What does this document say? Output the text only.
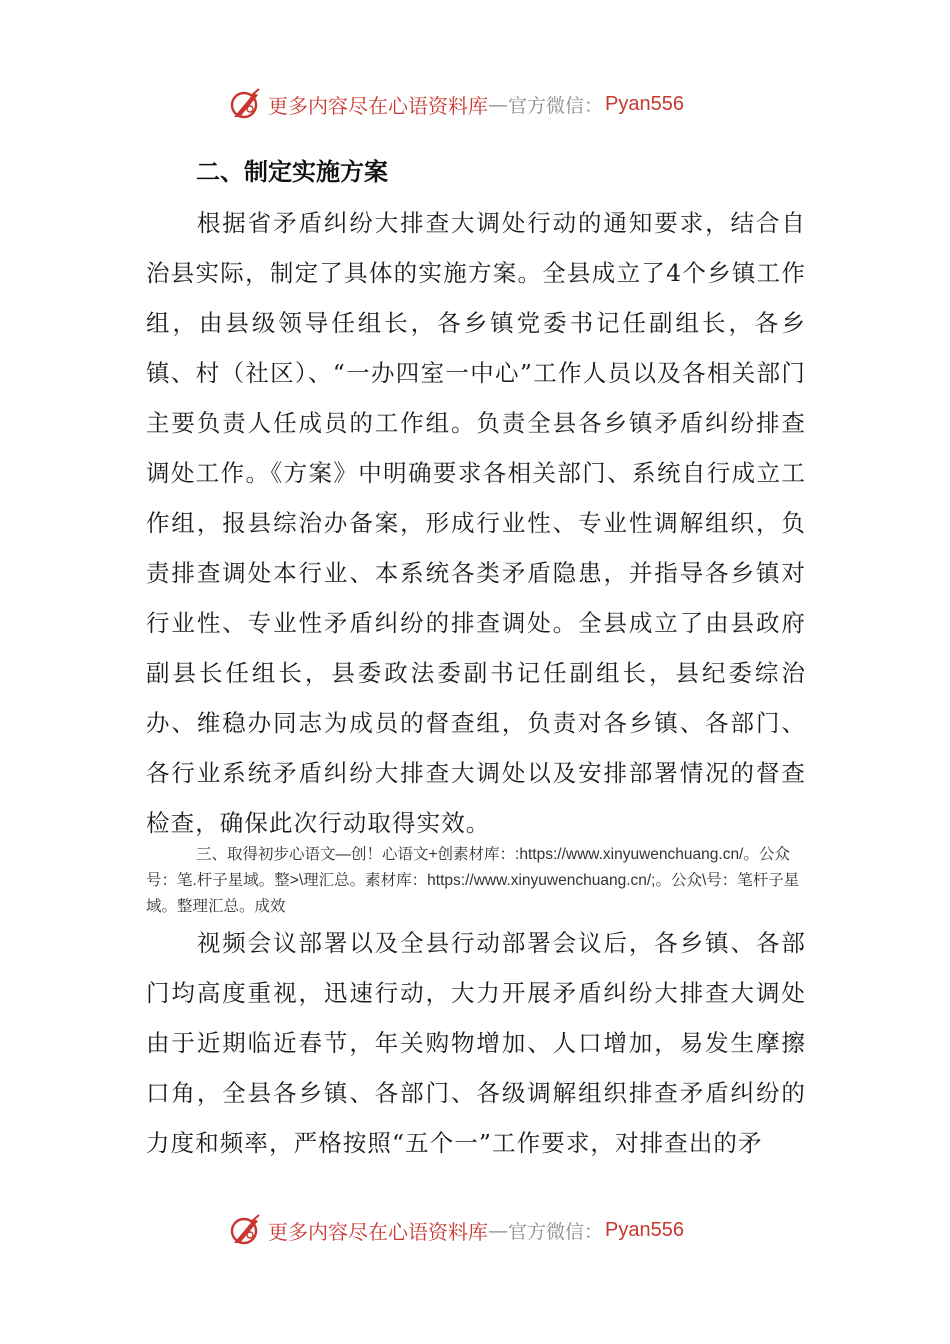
更多内容尽在心语资料库 — 官方微信： Pyan556
二、制定实施方案

根据省矛盾纠纷大排查大调处行动的通知要求，结合自治县实际，制定了具体的实施方案。全县成立了4个乡镇工作组，由县级领导任组长，各乡镇党委书记任副组长，各乡镇、村（社区）、“一办四室一中心”工作人员以及各相关部门主要负责人任成员的工作组。负责全县各乡镇矛盾纠纷排查调处工作。《方案》中明确要求各相关部门、系统自行成立工作组，报县综治办备案，形成行业性、专业性调解组织，负责排查调处本行业、本系统各类矛盾隐患，并指导各乡镇对行业性、专业性矛盾纠纷的排查调处。全县成立了由县政府副县长任组长，县委政法委副书记任副组长，县纪委综治办、维稳办同志为成员的督查组，负责对各乡镇、各部门、各行业系统矛盾纠纷大排查大调处以及安排部署情况的督查检查，确保此次行动取得实效。

三、取得初步心语文—创！心语文+创素材库：:https://www.xinyuwenchuang.cn/。公众号：笔.杆子星域。整>\理汇总。素材库：https://www.xinyuwenchuang.cn/;。公众\号：笔杆子星域。整理汇总。成效

视频会议部署以及全县行动部署会议后，各乡镇、各部门均高度重视，迅速行动，大力开展矛盾纠纷大排查大调处由于近期临近春节，年关购物增加、人口增加，易发生摩擦口角，全县各乡镇、各部门、各级调解组织排查矛盾纠纷的力度和频率，严格按照“五个一”工作要求，对排查出的矛

更多内容尽在心语资料库 — 官方微信： Pyan556
